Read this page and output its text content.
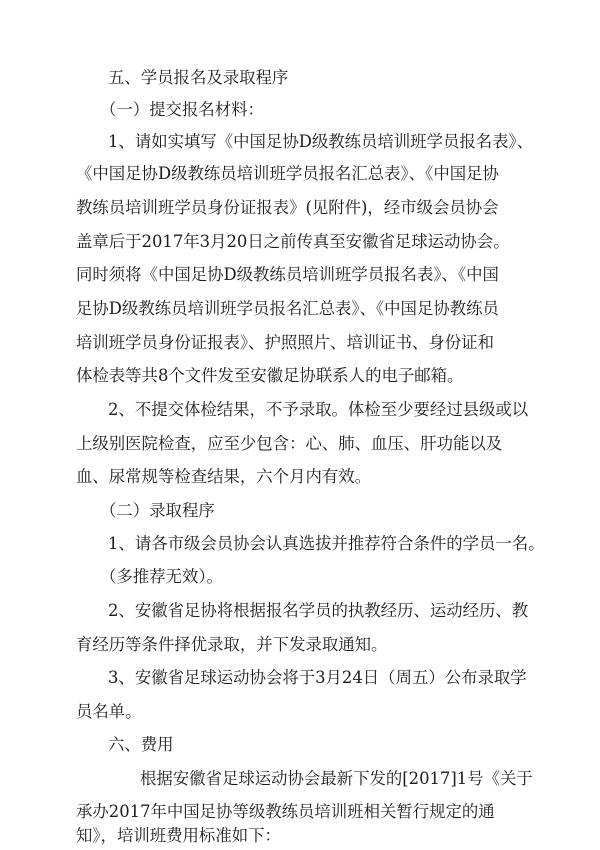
五、学员报名及录取程序
（一）提交报名材料：
1、请如实填写《中国足协D级教练员培训班学员报名表》、
《中国足协D级教练员培训班学员报名汇总表》、《中国足协
教练员培训班学员身份证报表》(见附件)，经市级会员协会
盖章后于2017年3月20日之前传真至安徽省足球运动协会。
同时须将《中国足协D级教练员培训班学员报名表》、《中国
足协D级教练员培训班学员报名汇总表》、《中国足协教练员
培训班学员身份证报表》、护照照片、培训证书、身份证和
体检表等共8个文件发至安徽足协联系人的电子邮箱。
2、不提交体检结果，不予录取。体检至少要经过县级或以
上级别医院检查，应至少包含：心、肺、血压、肝功能以及
血、尿常规等检查结果，六个月内有效。
（二）录取程序
1、请各市级会员协会认真选拔并推荐符合条件的学员一名。
（多推荐无效）。
2、安徽省足协将根据报名学员的执教经历、运动经历、教
育经历等条件择优录取，并下发录取通知。
3、安徽省足球运动协会将于3月24日（周五）公布录取学
员名单。
六、费用
根据安徽省足球运动协会最新下发的[2017]1号《关于
承办2017年中国足协等级教练员培训班相关暂行规定的通
知》，培训班费用标准如下：
